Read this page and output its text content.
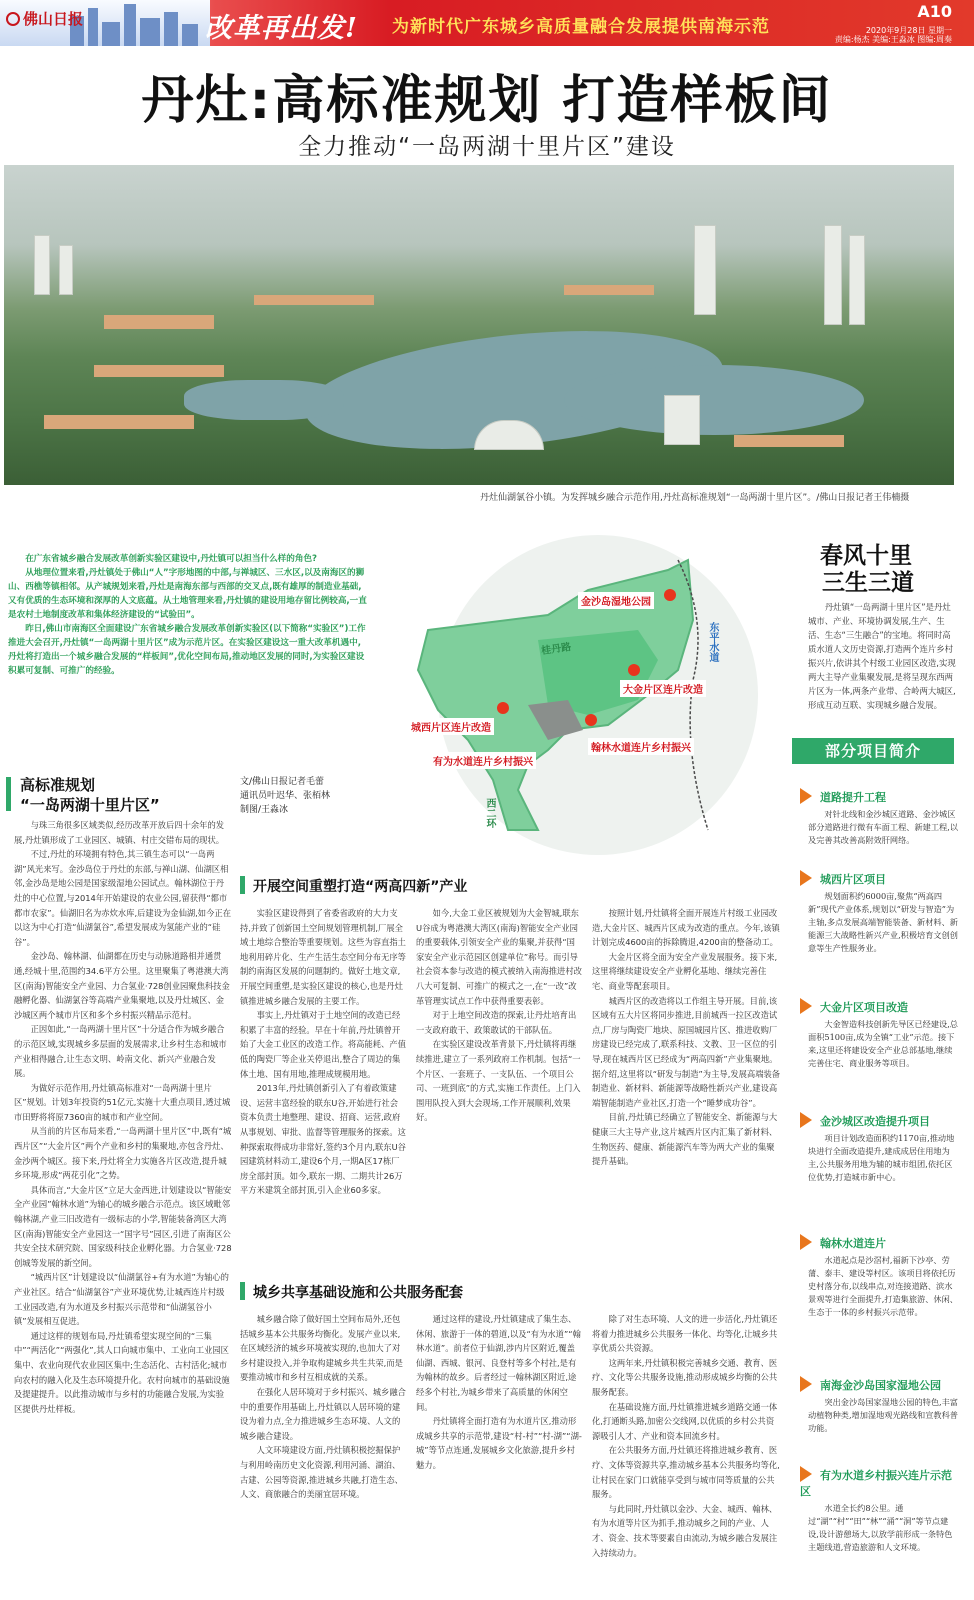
佛山日报	改革再出发! 为新时代广东城乡高质量融合发展提供南海示范
A10
2020年9月28日 星期一
责编:杨杰 美编:王淼冰 图编:周奏
丹灶:高标准规划 打造样板间
全力推动“一岛两湖十里片区”建设
丹灶仙湖氯谷小镇。为发挥城乡融合示范作用,丹灶高标准规划“一岛两湖十里片区”。/佛山日报记者王伟楠摄
金沙岛湿地公园
大金片区连片改造
城西片区连片改造
翰林水道连片乡村振兴
有为水道连片乡村振兴
桂丹路	东平水道
西二环

在广东省城乡融合发展改革创新实验区建设中,丹灶镇可以担当什么样的角色?

从地理位置来看,丹灶镇处于佛山“人”字形地图的中部,与禅城区、三水区,以及南海区的狮山、西樵等镇相邻。从产城规划来看,丹灶是南海东部与西部的交叉点,既有雄厚的制造业基础,又有优质的生态环境和深厚的人文底蕴。从土地管理来看,丹灶镇的建设用地存留比例较高,一直是农村土地制度改革和集体经济建设的“试验田”。

昨日,佛山市南海区全面建设广东省城乡融合发展改革创新实验区(以下简称“实验区”)工作推进大会召开,丹灶镇“一岛两湖十里片区”成为示范片区。在实验区建设这一重大改革机遇中,丹灶将打造出一个城乡融合发展的“样板间”,优化空间布局,推动地区发展的同时,为实验区建设积累可复制、可推广的经验。

春风十里
三生三道
丹灶镇“一岛两湖十里片区”是丹灶城市、产业、环境协调发展,生产、生活、生态“三生融合”的宝地。将同时高质水道人文历史资源,打造两个连片乡村振兴片,依讲其个村级工业园区改造,实现两大主导产业集聚发展,是将呈现东西两片区为一体,两条产业带、合岭两大城区,形成互动互联、实现城乡融合发展。
部分项目简介
道路提升工程
对针北线和金沙城区道路、金沙城区部分道路进行微有车面工程、新建工程,以及完善其改善高附效肝网络。
城西片区项目
规划面积约6000亩,聚焦“两高四新”现代产业体系,规划以“研发与智造”为主轴,多点发展高端智能装备、新材料、新能源三大战略性新兴产业,积极培育文创创意等生产性服务业。
大金片区项目改造
大金智造科技创新先导区已经建设,总面积5100亩,成为全镇“工业”示范。接下来,这里还将建设安全产业总部基地,继续完善住宅、商业服务等项目。
金沙城区改造提升项目
项目计划改造面积约1170亩,推动地块进行全面改造提升,建成成居住用地为主,公共服务用地为辅的城市组团,依托区位优势,打造城市新中心。
翰林水道连片
水道起点是沙滘村,福新下沙亭、劳蒲、泰丰、建设等村区。该项目将依托历史村落分布,以线串点,对连接道路、滨水景观等进行全面提升,打造集旅游、休闲、生态于一体的乡村振兴示范带。
南海金沙岛国家湿地公园
突出金沙岛国家湿地公园的特色,丰富动植物种类,增加湿地观光路线和宣教科普功能。
有为水道乡村振兴连片示范区
水道全长约8公里。通过“湖”“村”“田”“林”“涌”“洞”等节点建设,设计游憩场大,以放学前形成一条特色主题线道,营造旅游和人文环境。
高标准规划
“一岛两湖十里片区”
文/佛山日报记者毛蕾
通讯员叶迟华、张栢林
制图/王淼冰

与珠三角很多区域类似,经历改革开放后四十余年的发展,丹灶镇形成了工业园区、城镇、村庄交错布局的现状。

不过,丹灶的环境拥有特色,其三镇生态可以“一岛两湖”风光来写。金沙岛位于丹灶的东部,与禅山湖、仙湖区相邻,金沙岛是地公园是国家级湿地公园试点。翰林湖位于丹灶的中心位置,与2014年开始建设的农业公园,留获得“都市都市农家”。仙湖旧名为赤炊水库,后建设为金仙湖,如今正在以这为中心打造“仙湖氯谷”,希望发展成为氢能产业的“硅谷”。

金沙岛、翰林湖、仙湖都在历史与动脉道路相并通贯通,经城十里,范围约34.6平方公里。这里聚集了粤港澳大湾区(南海)智能安全产业园、力合氢业·728创业园聚焦科技金融孵化器、仙湖氯谷等高端产业集聚地,以及丹灶城区、金沙城区两个城市片区和多个乡村振兴精品示范村。

正因如此,“一岛两湖十里片区”十分适合作为城乡融合的示范区域,实现城乡多层面的发展需求,让乡村生态和城市产业相得融合,让生态文明、岭南文化、新兴产业融合发展。

为做好示范作用,丹灶镇高标准对“一岛两湖十里片区”规划。计划3年投资约51亿元,实施十大重点项目,透过城市田野将将原7360亩的城市和产业空间。

从当前的片区布局来看,“一岛两湖十里片区”中,既有“城西片区”“大金片区”两个产业和乡村的集聚地,亦包含丹灶、金沙两个城区。接下来,丹灶将全力实施各片区改造,提升城乡环境,形成“两花引化”之势。

具体而言,“大金片区”立足大金西进,计划建设以“智能安全产业园”翰林水道”为轴心的城乡融合示范点。该区域毗邻翰林湖,产业三旧改造有一级标志的小学,智能装备湾区大湾区(南海)智能安全产业园这一“国字号”园区,引进了南海区公共安全技术研究院、国家级科技企业孵化器。力合氢业·728创城等发展的新空间。

“城西片区”计划建设以“仙湖氯谷+有为水道”为轴心的产业社区。结合“仙湖氯谷”产业环境优势,让城西连片村级工业园改造,有为水道及乡村振兴示范带和“仙湖氢谷小镇”发展相互促进。

通过这样的规划布局,丹灶镇希望实现空间的“三集中”“两活化”“两强化”,其人口向城市集中、工业向工业园区集中、农业向现代农业园区集中;生态活化、古村活化;城市向农村的融入化及生态环境提升化。农村向城市的基础设施及提建提升。以此推动城市与乡村的功能融合发展,为实验区提供丹灶样板。

开展空间重塑打造“两高四新”产业

实验区建设得到了省委省政府的大力支持,并致了创新国土空间规划管理机制,厂展全域土地综合整治等重要规划。这些为容直指土地利用碎片化、生产生活生态空间分布无序等制约南海区发展的问题制约。做好土地文章,开展空间重塑,是实验区建设的核心,也是丹灶镇推进城乡融合发展的主要工作。

事实上,丹灶镇对于土地空间的改造已经积累了丰富的经验。早在十年前,丹灶镇曾开始了大金工业区的改造工作。将高能耗、产值低的陶瓷厂等企业关停退出,整合了周边的集体土地、国有用地,推理成规模用地。

2013年,丹灶镇创新引入了有着政策建设、运营丰富经验的联东U谷,开始进行社会资本负责土地整理、建设、招商、运营,政府从事规划、审批、监督等管理服务的探索。这种探索取得成功非常好,签约3个月内,联东U谷园建筑材料动工,建设6个月,一期A区17栋厂房全部封顶。如今,联东一期、二期共计26万平方米建筑全部封顶,引入企业60多家。

如今,大金工业区被规划为大金智城,联东U谷成为粤港澳大湾区(南海)智能安全产业园的重要载体,引领安全产业的集聚,并获得“国家安全产业示范园区创建单位”称号。而引导社会资本参与改造的模式被纳入南海推进村改八大可复制、可推广的模式之一,在“一改”改革管理实试点工作中获得重要表彰。

对于上地空间改造的探索,让丹灶培育出一支政府敢干、政策敢试的干部队伍。

在实验区建设改革背景下,丹灶镇将再继续推进,建立了一系列政府工作机制。包括“一个片区、一套班子、一支队伍、一个项目公司、一班到底”的方式,实施工作责任。上门入围用队投入到大会现场,工作开展顺利,效果好。

按照计划,丹灶镇将全面开展连片村级工业园改造,大金片区、城西片区成为改造的重点。今年,该镇计划完成4600亩的拆除腾退,4200亩的整备动工。

大金片区将全面为安全产业发展服务。接下来,这里将继续建设安全产业孵化基地、继续完善住宅、商业等配套项目。

城西片区的改造将以工作组主导开展。目前,该区域有五大片区将同步推进,目前城西一拉区改造试点,厂房与陶瓷厂地块、原国城园片区、推进收购厂房建设已经完成了,联系科技、文教、卫一区位的引导,现在城西片区已经成为“两高四新”产业集聚地。据介绍,这里将以“研发与制造”为主导,发展高端装备制造业、新材料、新能源等战略性新兴产业,建设高端智能制造产业社区,打造一个“睡梦成功谷”。

目前,丹灶镇已经确立了智能安全、新能源与大健康三大主导产业,这片城西片区内汇集了新材料、生物医药、健康、新能源汽车等为两大产业的集聚提升基础。

城乡共享基础设施和公共服务配套

城乡融合除了做好国土空间布局外,还包括城乡基本公共服务均衡化。发展产业以来,在区域经济的城乡环境被实现的,也加大了对乡村建设投入,并争取构建城乡共生共荣,而是要推动城市和乡村互相成就的关系。

在强化人居环境对于乡村振兴、城乡融合中的重要作用基础上,丹灶镇以人居环境的建设为着力点,全力推进城乡生态环境、人文的城乡融合建设。

人文环境建设方面,丹灶镇积极挖掘保护与利用岭南历史文化资源,利用河涌、湖泊、古建、公园等资源,推进城乡共融,打造生态、人文、商旅融合的美丽宜居环境。

通过这样的建设,丹灶镇建成了集生态、休闲、旅游于一体的碧道,以及“有为水道”“翰林水道”。前者位于仙湖,涉内片区附近,覆盖仙湖、西城、银河、良登村等多个村社,是有为翰林的故乡。后者经过一翰林湖区附近,途经多个村社,为城乡带来了高质量的休闲空间。

丹灶镇将全面打造有为水道片区,推动形成城乡共享的示范带,建设“村-村”“村-湖”“湖-城”等节点连通,发展城乡文化旅游,提升乡村魅力。

除了对生态环境、人文的进一步活化,丹灶镇还将着力推进城乡公共服务一体化、均等化,让城乡共享优质公共资源。

这两年来,丹灶镇积极完善城乡交通、教育、医疗、文化等公共服务设施,推动形成城乡均衡的公共服务配套。

在基础设施方面,丹灶镇推进城乡道路交通一体化,打通断头路,加密公交线网,以优质的乡村公共资源吸引人才、产业和资本回流乡村。

在公共服务方面,丹灶镇还将推进城乡教育、医疗、文体等资源共享,推动城乡基本公共服务均等化,让村民在家门口就能享受到与城市同等质量的公共服务。

与此同时,丹灶镇以金沙、大金、城西、翰林、有为水道等片区为抓手,推动城乡之间的产业、人才、资金、技术等要素自由流动,为城乡融合发展注入持续动力。
